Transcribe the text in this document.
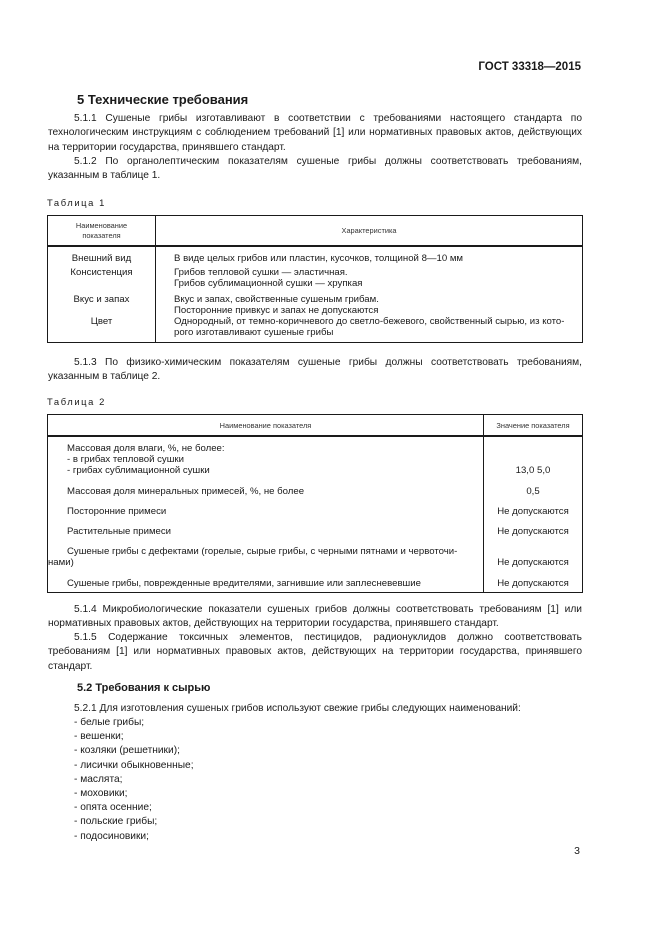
ГОСТ 33318—2015
5 Технические требования
5.1.1 Сушеные грибы изготавливают в соответствии с требованиями настоящего стандарта по технологическим инструкциям с соблюдением требований [1] или нормативных правовых актов, действующих на территории государства, принявшего стандарт.
5.1.2 По органолептическим показателям сушеные грибы должны соответствовать требованиям, указанным в таблице 1.
Таблица 1
Наименование
показателя	Характеристика
Внешний вид	В виде целых грибов или пластин, кусочков, толщиной 8—10 мм
Консистенция	Грибов тепловой сушки — эластичная.
Грибов сублимационной сушки — хрупкая
Вкус и запах	Вкус и запах, свойственные сушеным грибам.
Посторонние привкус и запах не допускаются
Цвет	Однородный, от темно-коричневого до светло-бежевого, свойственный сырью, из кото-
рого изготавливают сушеные грибы
5.1.3 По физико-химическим показателям сушеные грибы должны соответствовать требованиям, указанным в таблице 2.
Таблица 2
Наименование показателя	Значение показателя

Массовая доля влаги, %, не более:
- в грибах тепловой сушки
- грибах сублимационной сушки	13,0 5,0
Массовая доля минеральных примесей, %, не более	0,5
Посторонние примеси	Не допускаются
Растительные примеси	Не допускаются

Сушеные грибы с дефектами (горелые, сырые грибы, с черными пятнами и червоточи-
нами)	Не допускаются
Сушеные грибы, поврежденные вредителями, загнившие или заплесневевшие	Не допускаются
5.1.4 Микробиологические показатели сушеных грибов должны соответствовать требованиям [1] или нормативных правовых актов, действующих на территории государства, принявшего стандарт.
5.1.5 Содержание токсичных элементов, пестицидов, радионуклидов должно соответствовать требованиям [1] или нормативных правовых актов, действующих на территории государства, принявшего стандарт.
5.2 Требования к сырью
5.2.1 Для изготовления сушеных грибов используют свежие грибы следующих наименований:
- белые грибы;
- вешенки;
- козляки (решетники);
- лисички обыкновенные;
- маслята;
- моховики;
- опята осенние;
- польские грибы;
- подосиновики;
3
